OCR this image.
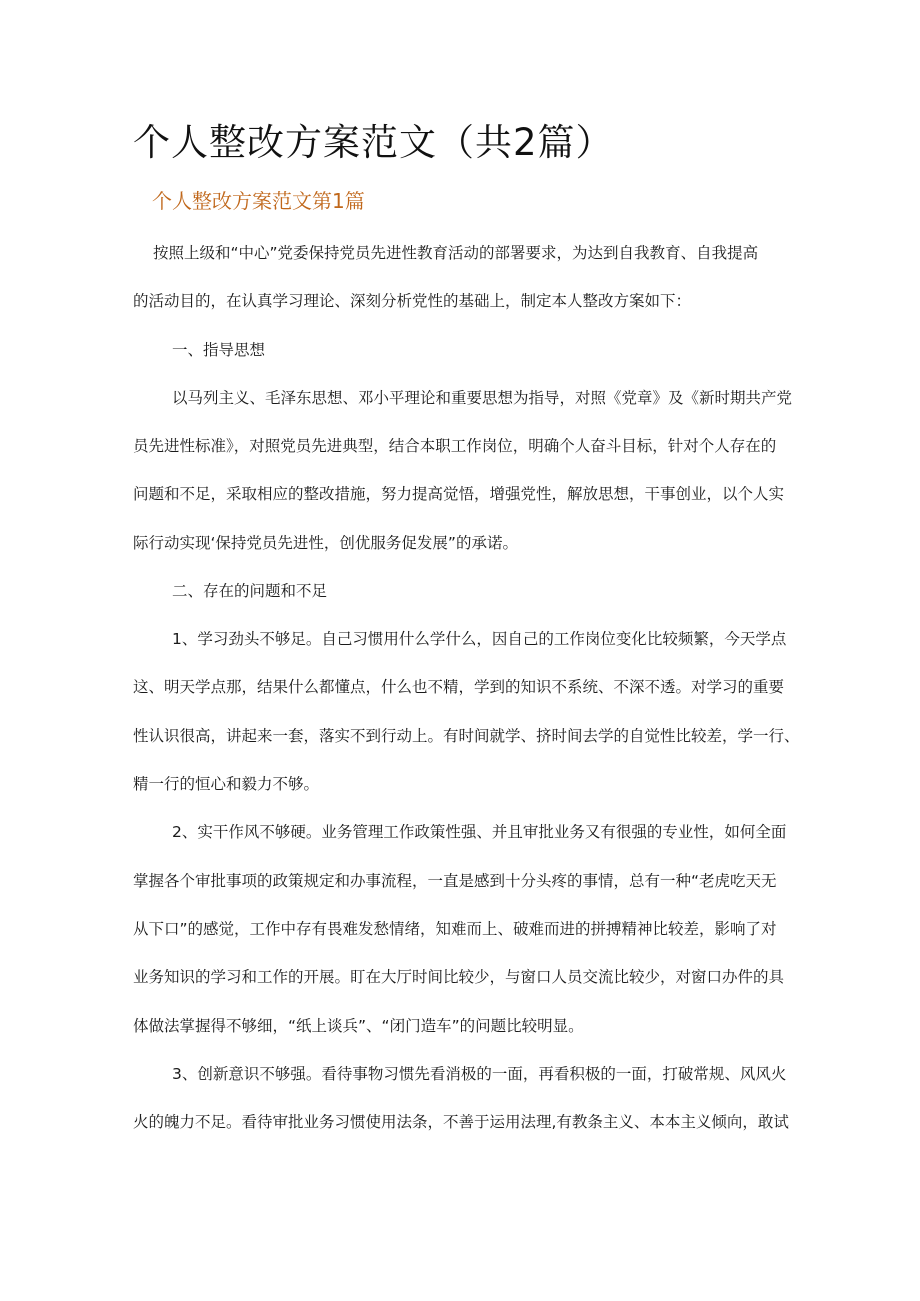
个人整改方案范文（共2篇）
个人整改方案范文第1篇
按照上级和“中心”党委保持党员先进性教育活动的部署要求，为达到自我教育、自我提高
的活动目的，在认真学习理论、深刻分析党性的基础上，制定本人整改方案如下：
一、指导思想
以马列主义、毛泽东思想、邓小平理论和重要思想为指导，对照《党章》及《新时期共产党
员先进性标准》，对照党员先进典型，结合本职工作岗位，明确个人奋斗目标，针对个人存在的
问题和不足，采取相应的整改措施，努力提高觉悟，增强党性，解放思想，干事创业，以个人实
际行动实现‘保持党员先进性，创优服务促发展”的承诺。
二、存在的问题和不足
1、学习劲头不够足。自己习惯用什么学什么，因自己的工作岗位变化比较频繁，今天学点
这、明天学点那，结果什么都懂点，什么也不精，学到的知识不系统、不深不透。对学习的重要
性认识很高，讲起来一套，落实不到行动上。有时间就学、挤时间去学的自觉性比较差，学一行、
精一行的恒心和毅力不够。
2、实干作风不够硬。业务管理工作政策性强、并且审批业务又有很强的专业性，如何全面
掌握各个审批事项的政策规定和办事流程，一直是感到十分头疼的事情，总有一种“老虎吃天无
从下口”的感觉，工作中存有畏难发愁情绪，知难而上、破难而进的拼搏精神比较差，影响了对
业务知识的学习和工作的开展。盯在大厅时间比较少，与窗口人员交流比较少，对窗口办件的具
体做法掌握得不够细，“纸上谈兵”、“闭门造车”的问题比较明显。
3、创新意识不够强。看待事物习惯先看消极的一面，再看积极的一面，打破常规、风风火
火的魄力不足。看待审批业务习惯使用法条，不善于运用法理,有教条主义、本本主义倾向，敢试
